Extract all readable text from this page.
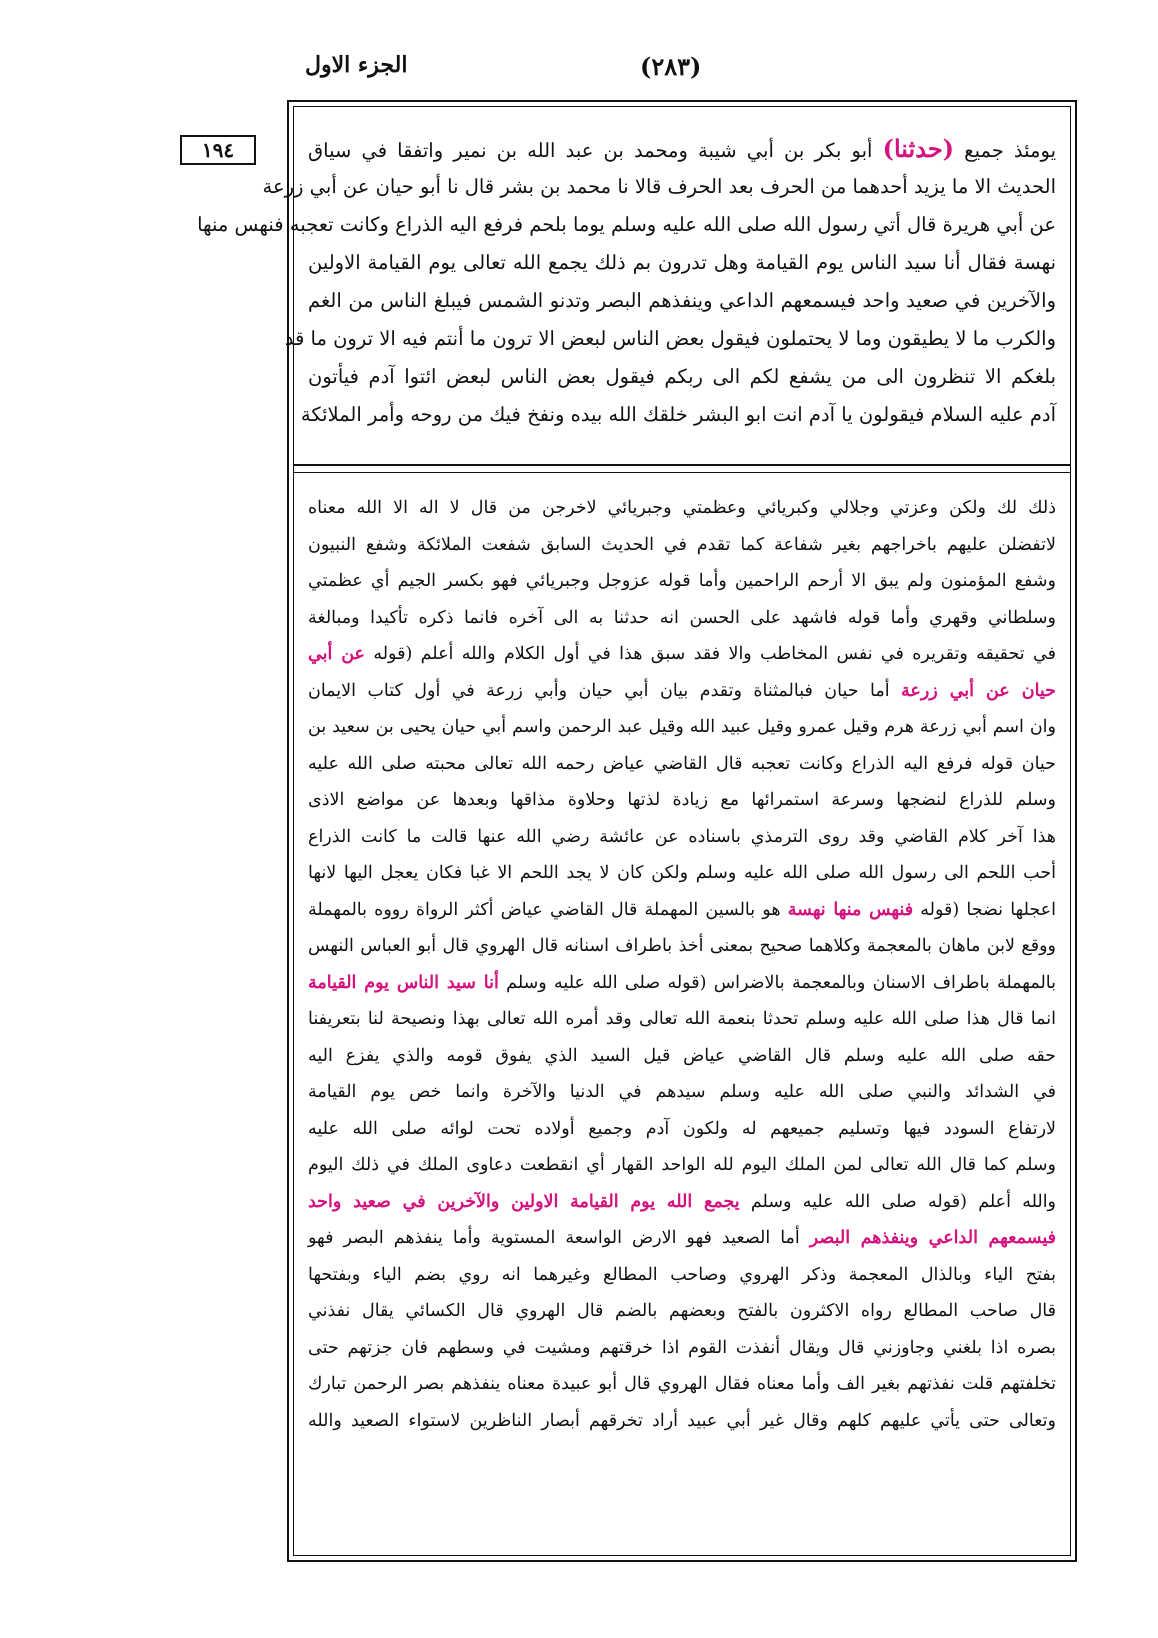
الجزء الاول	(٢٨٣)
١٩٤	يومئذ جميع (حدثنا) أبو بكر بن أبي شيبة ومحمد بن عبد الله بن نمير واتفقا في سياق
الحديث الا ما يزيد أحدهما من الحرف بعد الحرف قالا نا محمد بن بشر قال نا أبو حيان عن أبي زرعة
عن أبي هريرة قال أتي رسول الله صلى الله عليه وسلم يوما بلحم فرفع اليه الذراع وكانت تعجبه فنهس منها
نهسة فقال أنا سيد الناس يوم القيامة وهل تدرون بم ذلك يجمع الله تعالى يوم القيامة الاولين
والآخرين في صعيد واحد فيسمعهم الداعي وينفذهم البصر وتدنو الشمس فيبلغ الناس من الغم
والكرب ما لا يطيقون وما لا يحتملون فيقول بعض الناس لبعض الا ترون ما أنتم فيه الا ترون ما قد
بلغكم الا تنظرون الى من يشفع لكم الى ربكم فيقول بعض الناس لبعض ائتوا آدم فيأتون
آدم عليه السلام فيقولون يا آدم انت ابو البشر خلقك الله بيده ونفخ فيك من روحه وأمر الملائكة
ذلك لك ولكن وعزتي وجلالي وكبريائي وعظمتي وجبريائي لاخرجن من قال لا اله الا الله معناه
لاتفضلن عليهم باخراجهم بغير شفاعة كما تقدم في الحديث السابق شفعت الملائكة وشفع النبيون
وشفع المؤمنون ولم يبق الا أرحم الراحمين وأما قوله عزوجل وجبريائي فهو بكسر الجيم أي عظمتي
وسلطاني وقهري وأما قوله فاشهد على الحسن انه حدثنا به الى آخره فانما ذكره تأكيدا ومبالغة
في تحقيقه وتقريره في نفس المخاطب والا فقد سبق هذا في أول الكلام والله أعلم (قوله عن أبي
حيان عن أبي زرعة أما حيان فبالمثناة وتقدم بيان أبي حيان وأبي زرعة في أول كتاب الايمان
وان اسم أبي زرعة هرم وقيل عمرو وقيل عبيد الله وقيل عبد الرحمن واسم أبي حيان يحيى بن سعيد بن
حيان قوله فرفع اليه الذراع وكانت تعجبه قال القاضي عياض رحمه الله تعالى محبته صلى الله عليه
وسلم للذراع لنضجها وسرعة استمرائها مع زيادة لذتها وحلاوة مذاقها وبعدها عن مواضع الاذى
هذا آخر كلام القاضي وقد روى الترمذي باسناده عن عائشة رضي الله عنها قالت ما كانت الذراع
أحب اللحم الى رسول الله صلى الله عليه وسلم ولكن كان لا يجد اللحم الا غبا فكان يعجل اليها لانها
اعجلها نضجا (قوله فنهس منها نهسة هو بالسين المهملة قال القاضي عياض أكثر الرواة رووه بالمهملة
ووقع لابن ماهان بالمعجمة وكلاهما صحيح بمعنى أخذ باطراف اسنانه قال الهروي قال أبو العباس النهس
بالمهملة باطراف الاسنان وبالمعجمة بالاضراس (قوله صلى الله عليه وسلم أنا سيد الناس يوم القيامة
انما قال هذا صلى الله عليه وسلم تحدثا بنعمة الله تعالى وقد أمره الله تعالى بهذا ونصيحة لنا بتعريفنا
حقه صلى الله عليه وسلم قال القاضي عياض قيل السيد الذي يفوق قومه والذي يفزع اليه
في الشدائد والنبي صلى الله عليه وسلم سيدهم في الدنيا والآخرة وانما خص يوم القيامة
لارتفاع السودد فيها وتسليم جميعهم له ولكون آدم وجميع أولاده تحت لوائه صلى الله عليه
وسلم كما قال الله تعالى لمن الملك اليوم لله الواحد القهار أي انقطعت دعاوى الملك في ذلك اليوم
والله أعلم (قوله صلى الله عليه وسلم يجمع الله يوم القيامة الاولين والآخرين في صعيد واحد
فيسمعهم الداعي وينفذهم البصر أما الصعيد فهو الارض الواسعة المستوية وأما ينفذهم البصر فهو
بفتح الياء وبالذال المعجمة وذكر الهروي وصاحب المطالع وغيرهما انه روي بضم الياء وبفتحها
قال صاحب المطالع رواه الاكثرون بالفتح وبعضهم بالضم قال الهروي قال الكسائي يقال نفذني
بصره اذا بلغني وجاوزني قال ويقال أنفذت القوم اذا خرقتهم ومشيت في وسطهم فان جزتهم حتى
تخلفتهم قلت نفذتهم بغير الف وأما معناه فقال الهروي قال أبو عبيدة معناه ينفذهم بصر الرحمن تبارك
وتعالى حتى يأتي عليهم كلهم وقال غير أبي عبيد أراد تخرقهم أبصار الناظرين لاستواء الصعيد والله
